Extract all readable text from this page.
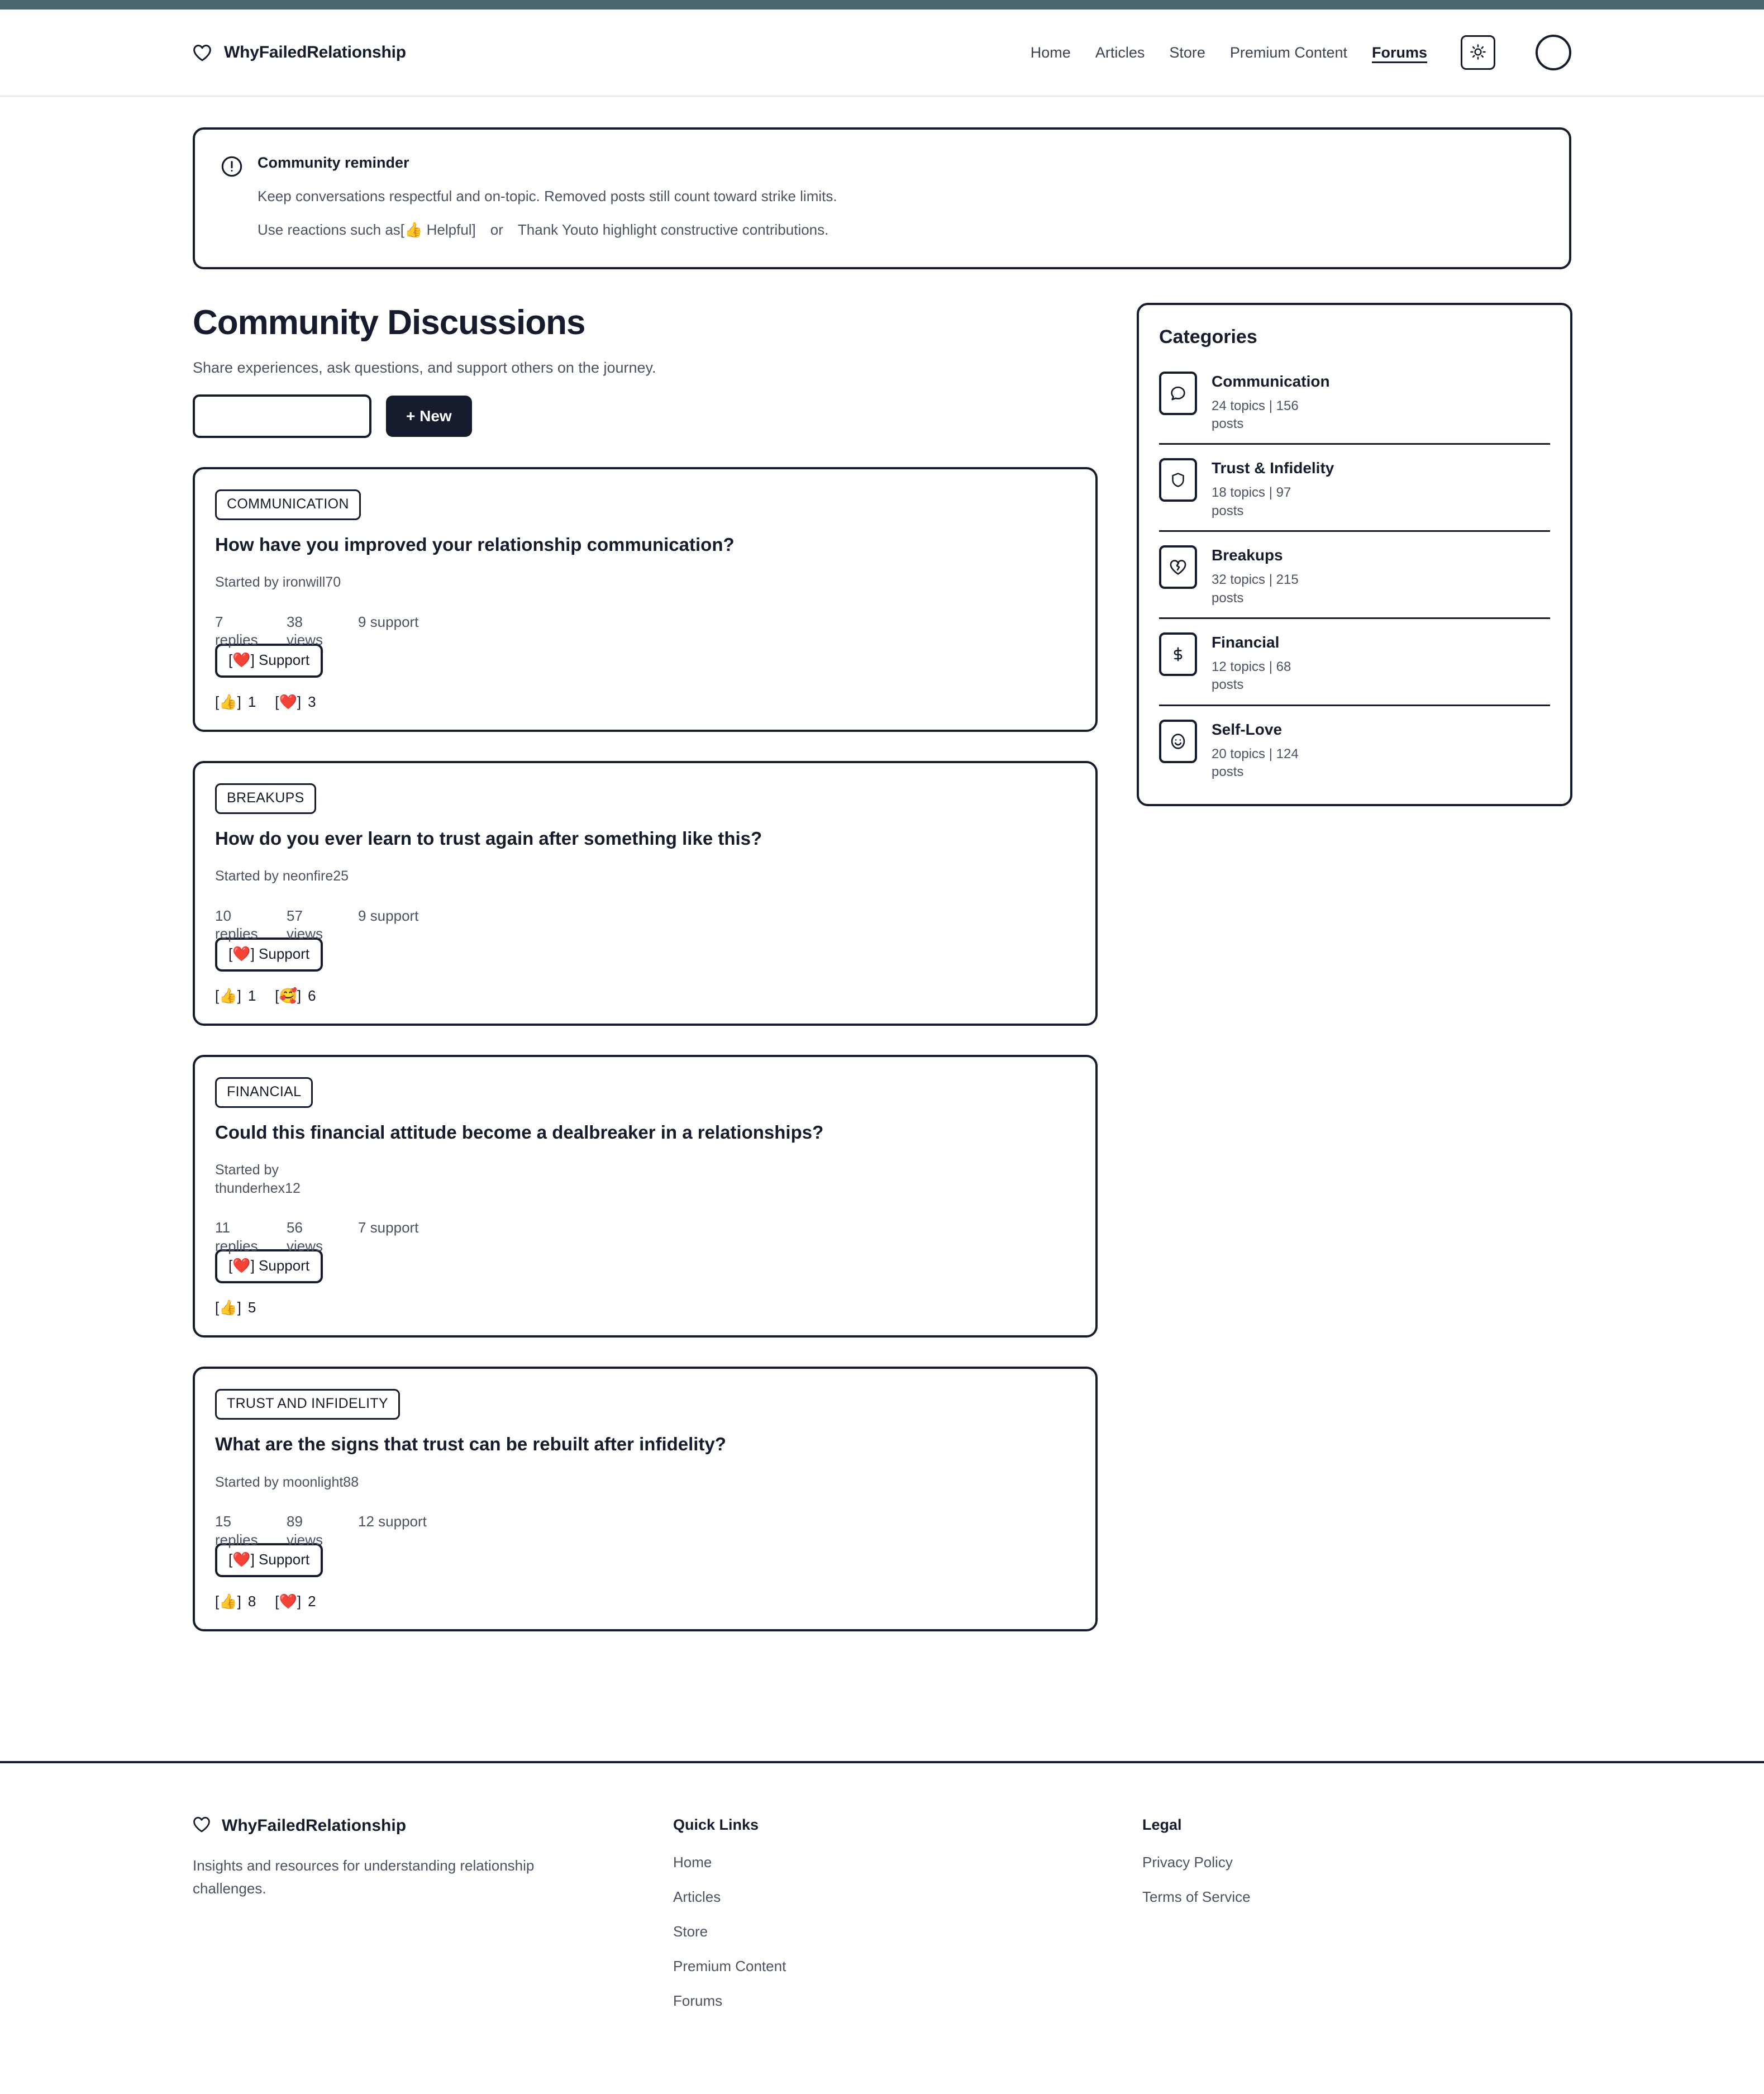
WhyFailedRelationship	Home Articles Store Premium Content Forums
Community reminder
Keep conversations respectful and on-topic. Removed posts still count toward strike limits.
Use reactions such as [👍 Helpful] or Thank You to highlight constructive contributions.
Community Discussions

Share experiences, ask questions, and support others on the journey.

+ New
COMMUNICATION
How have you improved your relationship communication?
Started by ironwill70
7
replies
38
views
9 support
[❤️] Support
[👍] 1 [❤️] 3
BREAKUPS
How do you ever learn to trust again after something like this?
Started by neonfire25
10
replies
57
views
9 support
[❤️] Support
[👍] 1 [🥰] 6
FINANCIAL
Could this financial attitude become a dealbreaker in a relationships?
Started by thunderhex12
11
replies
56
views
7 support
[❤️] Support
[👍] 5
TRUST AND INFIDELITY
What are the signs that trust can be rebuilt after infidelity?
Started by moonlight88
15
replies
89
views
12 support
[❤️] Support
[👍] 8 [❤️] 2
Categories
Communication
24 topics | 156 posts
Trust & Infidelity
18 topics | 97 posts
Breakups
32 topics | 215 posts
Financial
12 topics | 68 posts
Self-Love
20 topics | 124 posts
WhyFailedRelationship

Insights and resources for understanding relationship challenges.

Quick Links
Home
Articles
Store
Premium Content
Forums
Legal
Privacy Policy
Terms of Service
